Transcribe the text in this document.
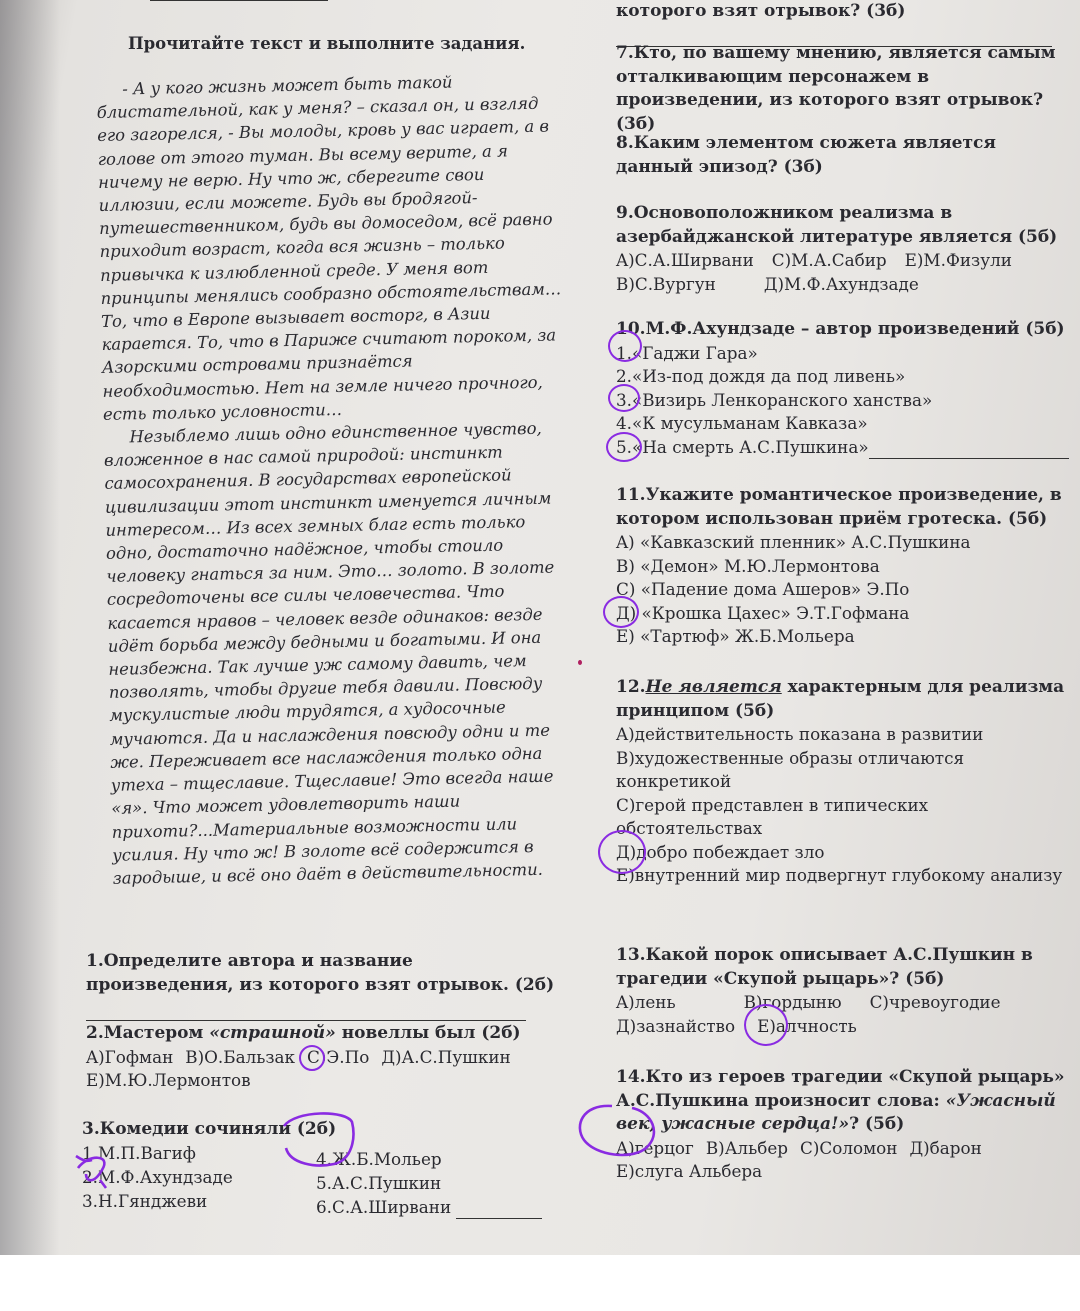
Прочитайте текст и выполните задания.

- А у кого жизнь может быть такой блистательной, как у меня? – сказал он, и взгляд его загорелся, - Вы молоды, кровь у вас играет, а в голове от этого туман. Вы всему верите, а я ничему не верю. Ну что ж, сберегите свои иллюзии, если можете. Будь вы бродягой-путешественником, будь вы домоседом, всё равно приходит возраст, когда вся жизнь – только привычка к излюбленной среде. У меня вот принципы менялись сообразно обстоятельствам…

То, что в Европе вызывает восторг, в Азии карается. То, что в Париже считают пороком, за Азорскими островами признаётся необходимостью. Нет на земле ничего прочного, есть только условности…

Незыблемо лишь одно единственное чувство, вложенное в нас самой природой: инстинкт самосохранения. В государствах европейской цивилизации этот инстинкт именуется личным интересом… Из всех земных благ есть только одно, достаточно надёжное, чтобы стоило человеку гнаться за ним. Это… золото. В золоте сосредоточены все силы человечества. Что касается нравов – человек везде одинаков: везде идёт борьба между бедными и богатыми. И она неизбежна. Так лучше уж самому давить, чем позволять, чтобы другие тебя давили. Повсюду мускулистые люди трудятся, а худосочные мучаются. Да и наслаждения повсюду одни и те же. Переживает все наслаждения только одна утеха – тщеславие. Тщеславие! Это всегда наше «я». Что может удовлетворить наши прихоти?...Материальные возможности или усилия. Ну что ж! В золоте всё содержится в зародыше, и всё оно даёт в действительности.

1.Определите автора и название произведения, из которого взят отрывок. (2б)
2.Мастером «страшной» новеллы был (2б)
A)Гофман B)О.Бальзак C)Э.По Д)А.С.Пушкин
E)М.Ю.Лермонтов
3.Комедии сочиняли (2б)
1.М.П.Вагиф
2.М.Ф.Ахундзаде
3.Н.Гянджеви
4.Ж.Б.Мольер
5.А.С.Пушкин
6.С.А.Ширвани
которого взят отрывок? (3б)
7.Кто, по вашему мнению, является самым отталкивающим персонажем в произведении, из которого взят отрывок?(3б)
8.Каким элементом сюжета является данный эпизод? (3б)
9.Основоположником реализма в азербайджанской литературе является (5б)
A)С.А.Ширвани C)М.А.Сабир E)М.Физули
B)С.Вургун	Д)М.Ф.Ахундзаде
10.М.Ф.Ахундзаде – автор произведений (5б)
1.«Гаджи Гара»
2.«Из-под дождя да под ливень»
3.«Визирь Ленкоранского ханства»
4.«К мусульманам Кавказа»
5.«На смерть А.С.Пушкина»
11.Укажите романтическое произведение, в котором использован приём гротеска. (5б)
A) «Кавказский пленник» А.С.Пушкина
B) «Демон» М.Ю.Лермонтова
C) «Падение дома Ашеров» Э.По
Д) «Крошка Цахес» Э.Т.Гофмана
E) «Тартюф» Ж.Б.Мольера
12.Не является характерным для реализма принципом (5б)
A)действительность показана в развитии
B)художественные образы отличаются конкретикой
C)герой представлен в типических обстоятельствах
Д)добро побеждает зло
E)внутренний мир подвергнут глубокому анализу
13.Какой порок описывает А.С.Пушкин в трагедии «Скупой рыцарь»? (5б)
A)лень	B)гордыню C)чревоугодие
Д)зазнайство E)алчность
14.Кто из героев трагедии «Скупой рыцарь» А.С.Пушкина произносит слова: «Ужасный век, ужасные сердца!»? (5б)
A)герцог B)Альбер C)Соломон Д)барон
E)слуга Альбера
